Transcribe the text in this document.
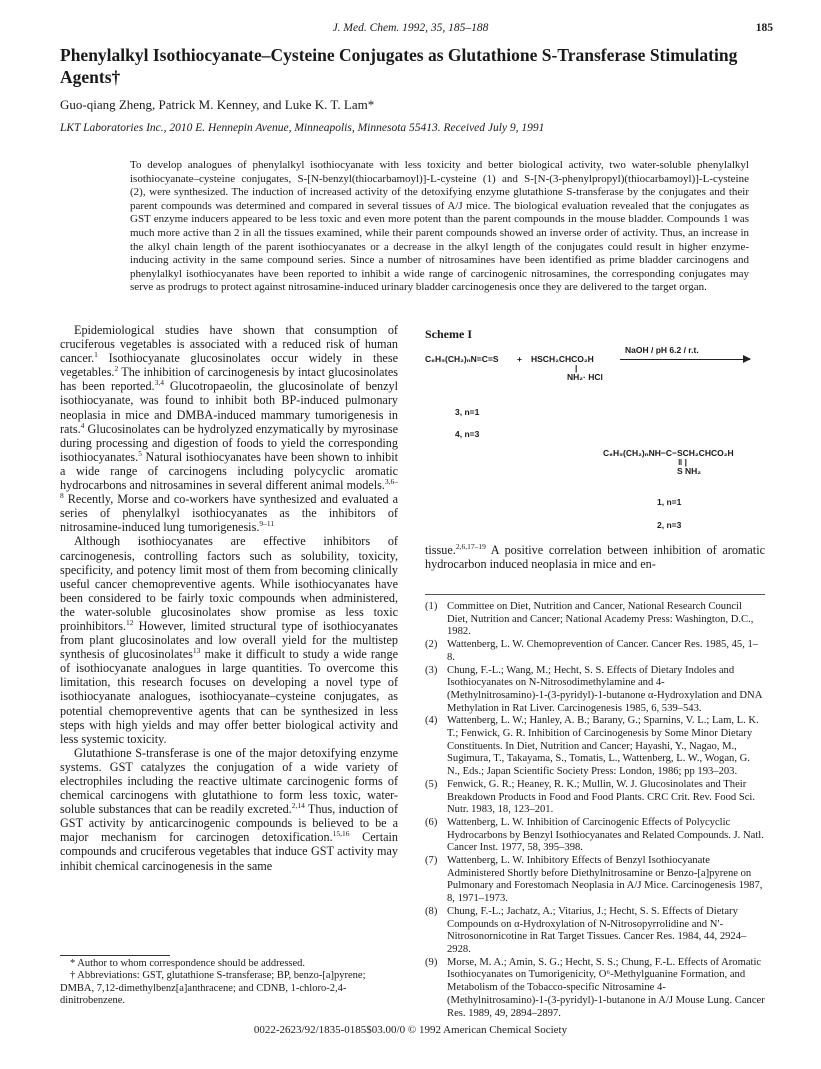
J. Med. Chem. 1992, 35, 185–188	185
Phenylalkyl Isothiocyanate–Cysteine Conjugates as Glutathione S-Transferase Stimulating Agents†
Guo-qiang Zheng, Patrick M. Kenney, and Luke K. T. Lam*
LKT Laboratories Inc., 2010 E. Hennepin Avenue, Minneapolis, Minnesota 55413. Received July 9, 1991
To develop analogues of phenylalkyl isothiocyanate with less toxicity and better biological activity, two water-soluble phenylalkyl isothiocyanate–cysteine conjugates, S-[N-benzyl(thiocarbamoyl)]-L-cysteine (1) and S-[N-(3-phenylpropyl)(thiocarbamoyl)]-L-cysteine (2), were synthesized. The induction of increased activity of the detoxifying enzyme glutathione S-transferase by the conjugates and their parent compounds was determined and compared in several tissues of A/J mice. The biological evaluation revealed that the conjugates as GST enzyme inducers appeared to be less toxic and even more potent than the parent compounds in the mouse bladder. Compounds 1 was much more active than 2 in all the tissues examined, while their parent compounds showed an inverse order of activity. Thus, an increase in the alkyl chain length of the parent isothiocyanates or a decrease in the alkyl length of the conjugates could result in higher enzyme-inducing activity in the same compound series. Since a number of nitrosamines have been identified as prime bladder carcinogens and phenylalkyl isothiocyanates have been reported to inhibit a wide range of carcinogenic nitrosamines, the corresponding conjugates may serve as prodrugs to protect against nitrosamine-induced urinary bladder carcinogenesis once they are delivered to the target organ.

Epidemiological studies have shown that consumption of cruciferous vegetables is associated with a reduced risk of human cancer.$^1$ Isothiocyanate glucosinolates occur widely in these vegetables.$^2$ The inhibition of carcinogenesis by intact glucosinolates has been reported.$^{3,4}$ Glucotropaeolin, the glucosinolate of benzyl isothiocyanate, was found to inhibit both BP-induced pulmonary neoplasia in mice and DMBA-induced mammary tumorigenesis in rats.$^4$ Glucosinolates can be hydrolyzed enzymatically by myrosinase during processing and digestion of foods to yield the corresponding isothiocyanates.$^5$ Natural isothiocyanates have been shown to inhibit a wide range of carcinogens including polycyclic aromatic hydrocarbons and nitrosamines in several different animal models.$^{3,6-8}$ Recently, Morse and co-workers have synthesized and evaluated a series of phenylalkyl isothiocyanates as the inhibitors of nitrosamine-induced lung tumorigenesis.$^{9-11}$

Although isothiocyanates are effective inhibitors of carcinogenesis, controlling factors such as solubility, toxicity, specificity, and potency limit most of them from becoming clinically useful cancer chemopreventive agents. While isothiocyanates have been considered to be fairly toxic compounds when administered, the water-soluble glucosinolates show promise as less toxic proinhibitors.$^{12}$ However, limited structural type of isothiocyanates from plant glucosinolates and low overall yield for the multistep synthesis of glucosinolates$^{13}$ make it difficult to study a wide range of isothiocyanate analogues in large quantities. To overcome this limitation, this research focuses on developing a novel type of isothiocyanate analogues, isothiocyanate–cysteine conjugates, as potential chemopreventive agents that can be synthesized in less steps with high yields and may offer better biological activity and less systemic toxicity.

Glutathione S-transferase is one of the major detoxifying enzyme systems. GST catalyzes the conjugation of a wide variety of electrophiles including the reactive ultimate carcinogenic forms of chemical carcinogens with glutathione to form less toxic, water-soluble substances that can be readily excreted.$^{2,14}$ Thus, induction of GST activity by anticarcinogenic compounds is believed to be a major mechanism for carcinogen detoxification.$^{15,16}$ Certain compounds and cruciferous vegetables that induce GST activity may inhibit chemical carcinogenesis in the same

* Author to whom correspondence should be addressed.
† Abbreviations: GST, glutathione S-transferase; BP, benzo-[a]pyrene; DMBA, 7,12-dimethylbenz[a]anthracene; and CDNB, 1-chloro-2,4-dinitrobenzene.
Scheme I
NaOH / pH 6.2 / r.t.
C₆H₅(CH₂)ₙN=C=S + HSCH₂CHCO₂H
|
NH₂· HCl
3, n=1
4, n=3
C₆H₅(CH₂)ₙNH−C−SCH₂CHCO₂H
‖ |
S NH₂
1, n=1
2, n=3
tissue.$^{2,6,17-19}$ A positive correlation between inhibition of aromatic hydrocarbon induced neoplasia in mice and en-
(1) Committee on Diet, Nutrition and Cancer, National Research Council Diet, Nutrition and Cancer; National Academy Press: Washington, D.C., 1982.
(2) Wattenberg, L. W. Chemoprevention of Cancer. Cancer Res. 1985, 45, 1–8.
(3) Chung, F.-L.; Wang, M.; Hecht, S. S. Effects of Dietary Indoles and Isothiocyanates on N-Nitrosodimethylamine and 4-(Methylnitrosamino)-1-(3-pyridyl)-1-butanone α-Hydroxylation and DNA Methylation in Rat Liver. Carcinogenesis 1985, 6, 539–543.
(4) Wattenberg, L. W.; Hanley, A. B.; Barany, G.; Sparnins, V. L.; Lam, L. K. T.; Fenwick, G. R. Inhibition of Carcinogenesis by Some Minor Dietary Constituents. In Diet, Nutrition and Cancer; Hayashi, Y., Nagao, M., Sugimura, T., Takayama, S., Tomatis, L., Wattenberg, L. W., Wogan, G. N., Eds.; Japan Scientific Society Press: London, 1986; pp 193–203.
(5) Fenwick, G. R.; Heaney, R. K.; Mullin, W. J. Glucosinolates and Their Breakdown Products in Food and Food Plants. CRC Crit. Rev. Food Sci. Nutr. 1983, 18, 123–201.
(6) Wattenberg, L. W. Inhibition of Carcinogenic Effects of Polycyclic Hydrocarbons by Benzyl Isothiocyanates and Related Compounds. J. Natl. Cancer Inst. 1977, 58, 395–398.
(7) Wattenberg, L. W. Inhibitory Effects of Benzyl Isothiocyanate Administered Shortly before Diethylnitrosamine or Benzo-[a]pyrene on Pulmonary and Forestomach Neoplasia in A/J Mice. Carcinogenesis 1987, 8, 1971–1973.
(8) Chung, F.-L.; Jachatz, A.; Vitarius, J.; Hecht, S. S. Effects of Dietary Compounds on α-Hydroxylation of N-Nitrosopyrrolidine and N′-Nitrosonornicotine in Rat Target Tissues. Cancer Res. 1984, 44, 2924–2928.
(9) Morse, M. A.; Amin, S. G.; Hecht, S. S.; Chung, F.-L. Effects of Aromatic Isothiocyanates on Tumorigenicity, O⁶-Methylguanine Formation, and Metabolism of the Tobacco-specific Nitrosamine 4-(Methylnitrosamino)-1-(3-pyridyl)-1-butanone in A/J Mouse Lung. Cancer Res. 1989, 49, 2894–2897.
0022-2623/92/1835-0185$03.00/0 © 1992 American Chemical Society
